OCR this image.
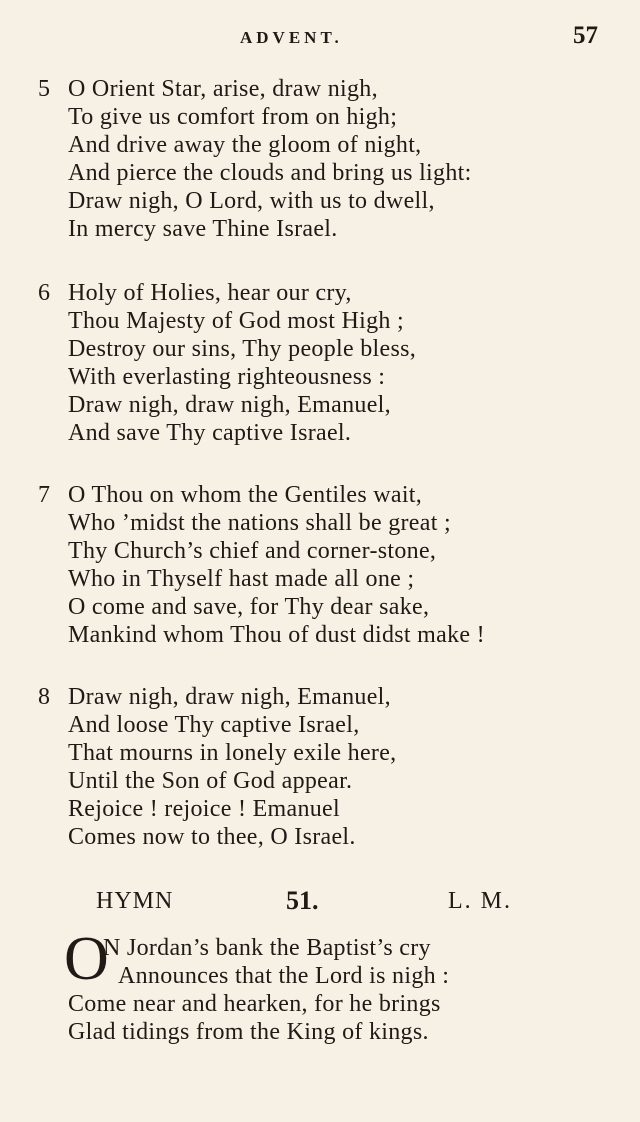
ADVENT.	57
5 O Orient Star, arise, draw nigh,
To give us comfort from on high;
And drive away the gloom of night,
And pierce the clouds and bring us light:
Draw nigh, O Lord, with us to dwell,
In mercy save Thine Israel.
6 Holy of Holies, hear our cry,
Thou Majesty of God most High ;
Destroy our sins, Thy people bless,
With everlasting righteousness :
Draw nigh, draw nigh, Emanuel,
And save Thy captive Israel.
7 O Thou on whom the Gentiles wait,
Who ’midst the nations shall be great ;
Thy Church’s chief and corner-stone,
Who in Thyself hast made all one ;
O come and save, for Thy dear sake,
Mankind whom Thou of dust didst make !
8 Draw nigh, draw nigh, Emanuel,
And loose Thy captive Israel,
That mourns in lonely exile here,
Until the Son of God appear.
Rejoice ! rejoice ! Emanuel
Comes now to thee, O Israel.
HYMN	51.	L. M.
O
N Jordan’s bank the Baptist’s cry
Announces that the Lord is nigh :
Come near and hearken, for he brings
Glad tidings from the King of kings.
